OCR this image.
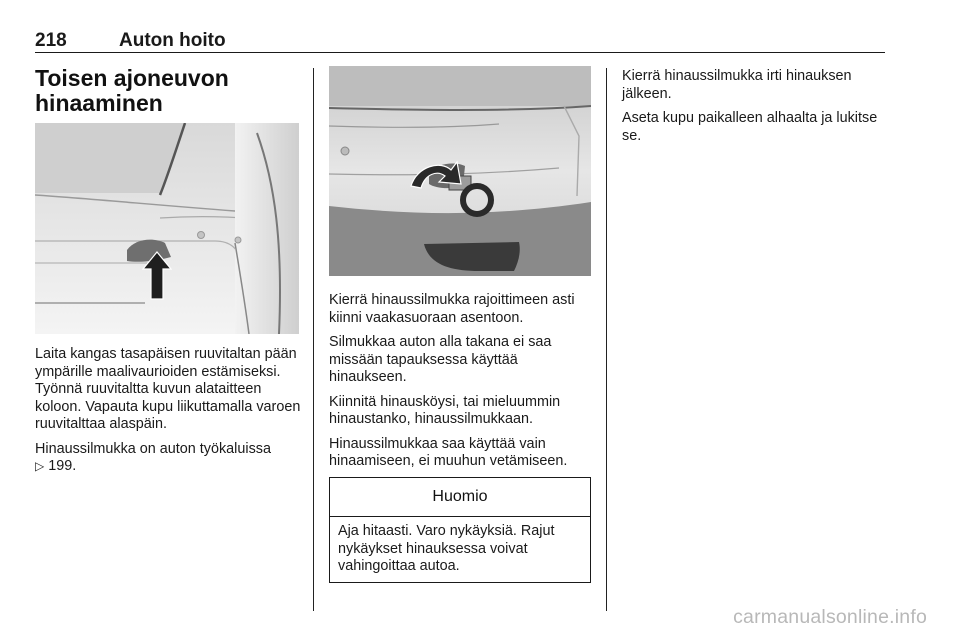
218	Auton hoito
Toisen ajoneuvon
hinaaminen

Laita kangas tasapäisen ruuvitaltan pään ympärille maalivaurioiden estämiseksi. Työnnä ruuvitaltta kuvun alataitteen koloon. Vapauta kupu liikuttamalla varoen ruuvitalttaa alaspäin.

Hinaussilmukka on auton työkaluissa
▷ 199.

Kierrä hinaussilmukka rajoittimeen asti kiinni vaakasuoraan asentoon.

Silmukkaa auton alla takana ei saa missään tapauksessa käyttää hinaukseen.

Kiinnitä hinausköysi, tai mieluummin hinaustanko, hinaussilmukkaan.

Hinaussilmukkaa saa käyttää vain hinaamiseen, ei muuhun vetämiseen.

Huomio

Aja hitaasti. Varo nykäyksiä. Rajut nykäykset hinauksessa voivat vahingoittaa autoa.

Kierrä hinaussilmukka irti hinauksen jälkeen.

Aseta kupu paikalleen alhaalta ja lukitse se.

carmanualsonline.info
